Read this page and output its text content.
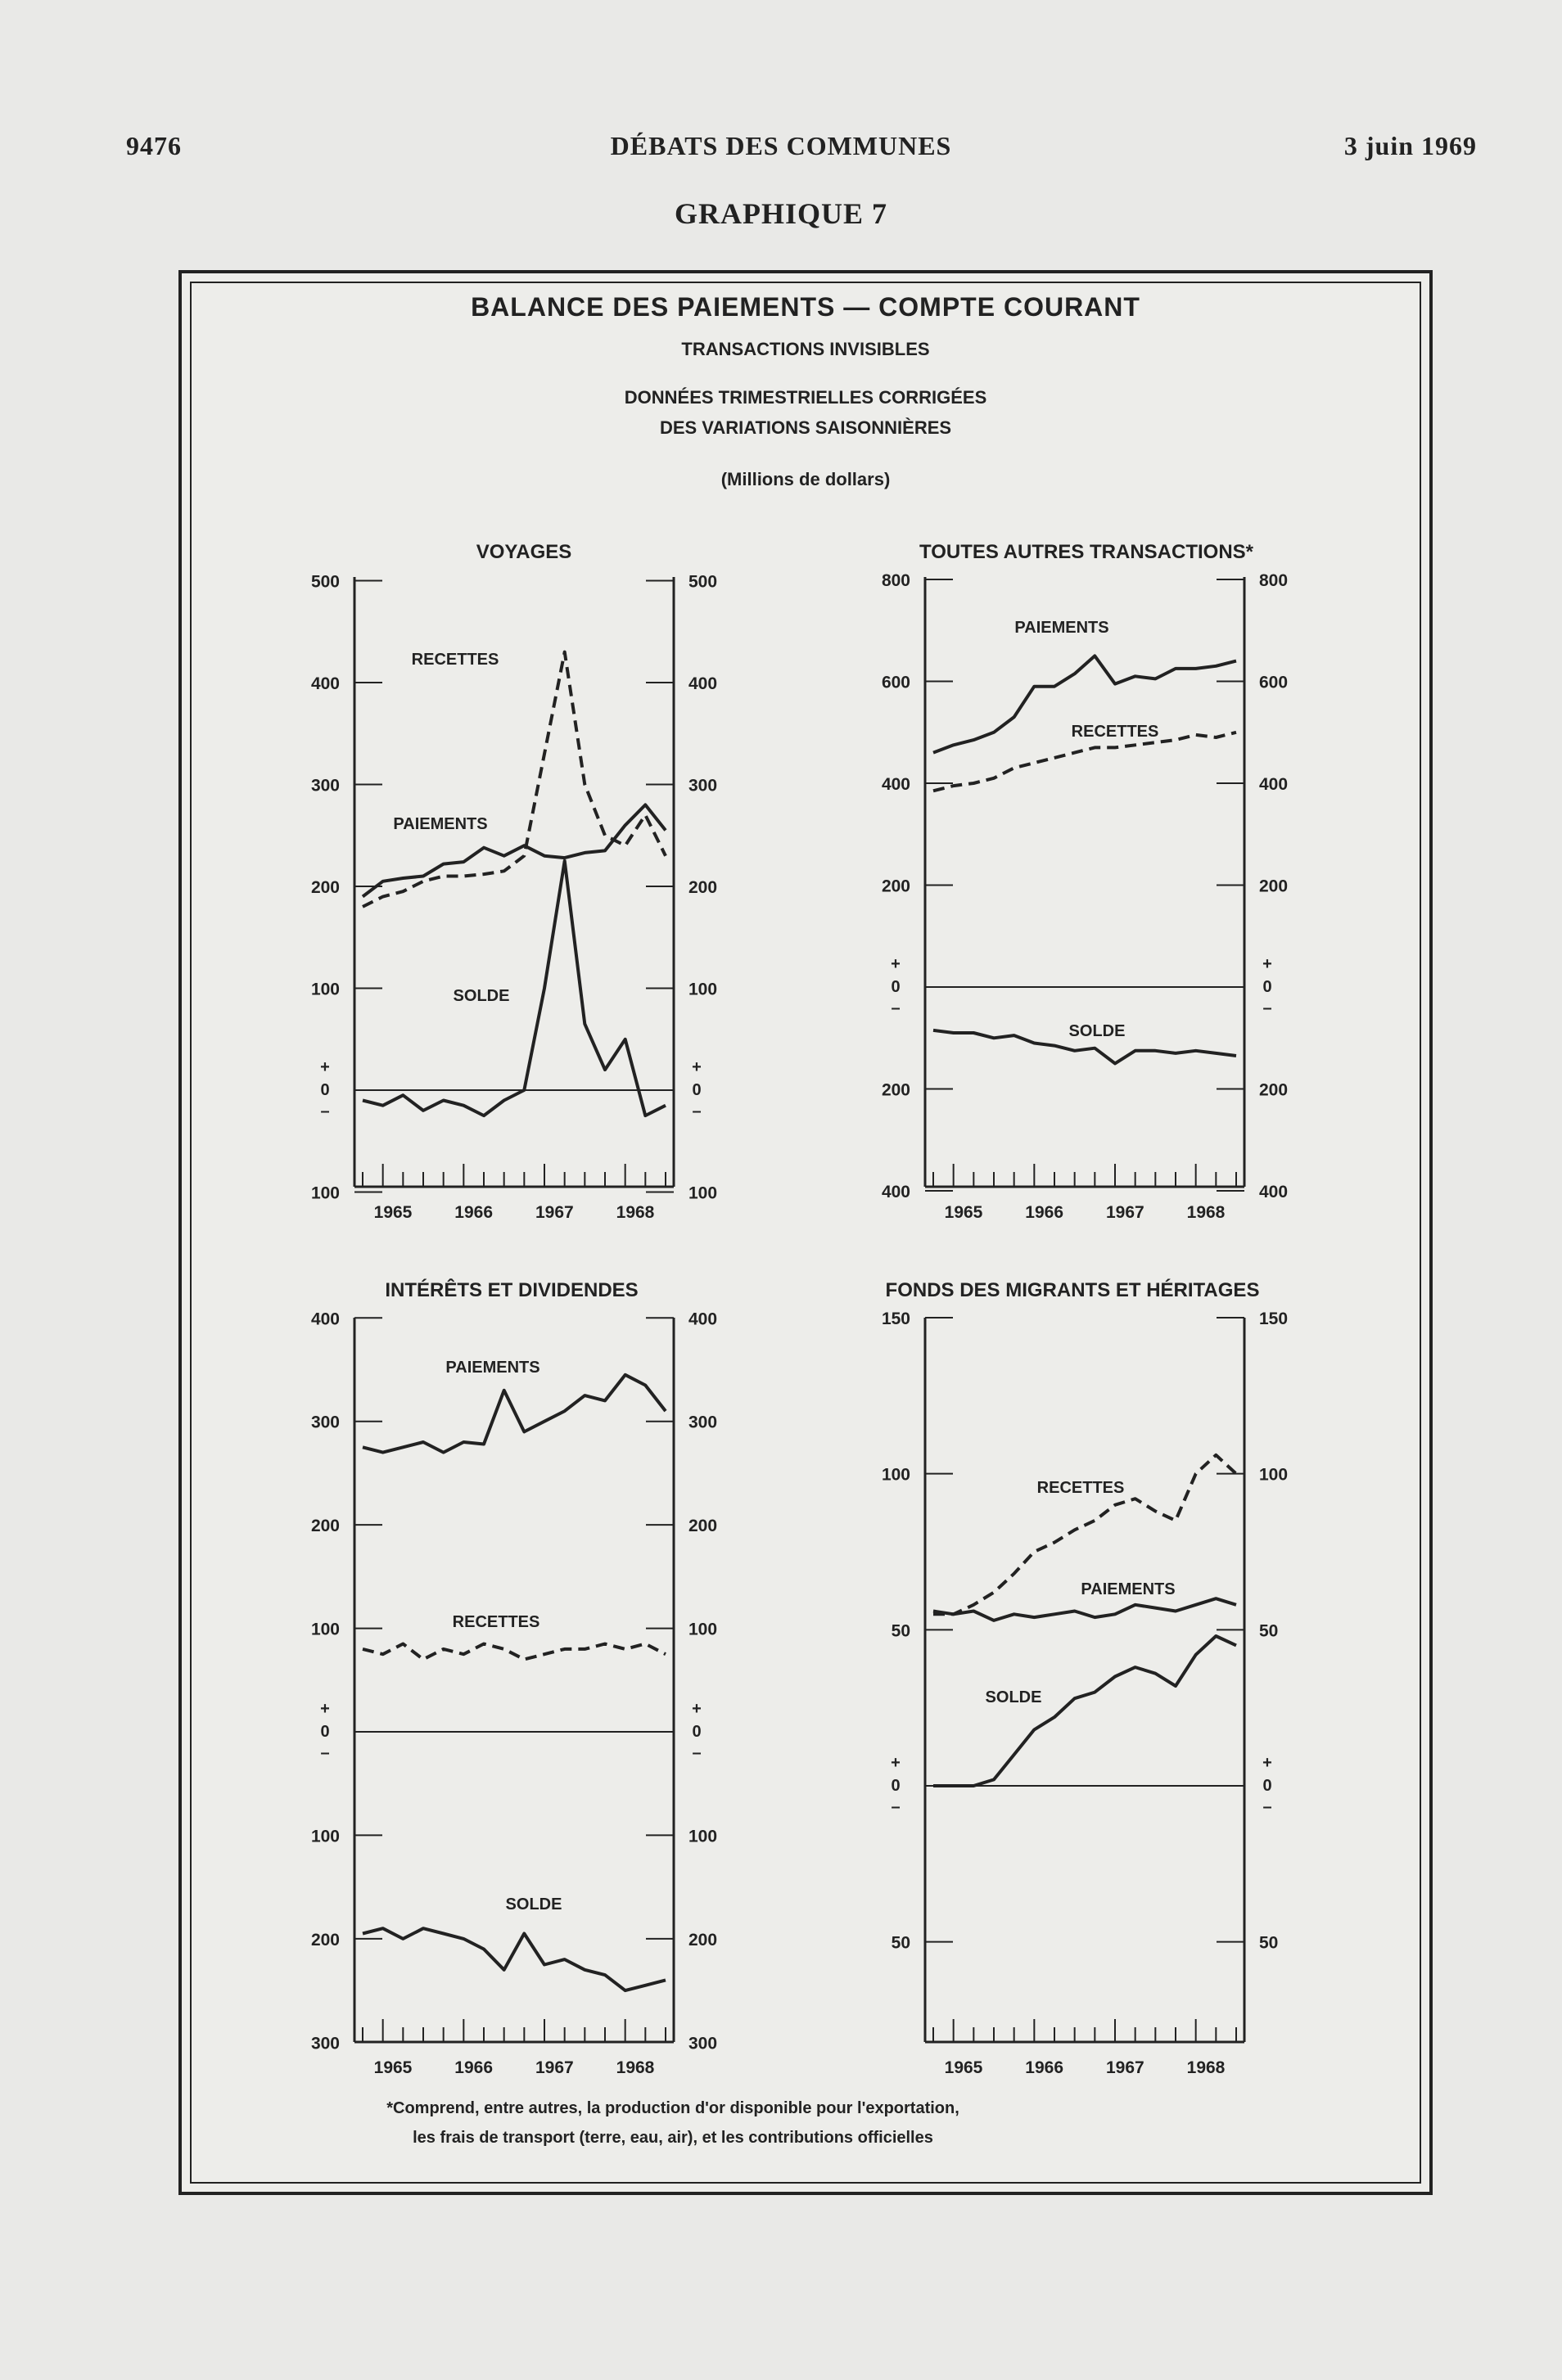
9476	DÉBATS DES COMMUNES	3 juin 1969
GRAPHIQUE 7
BALANCE DES PAIEMENTS — COMPTE COURANT
TRANSACTIONS INVISIBLES
DONNÉES TRIMESTRIELLES CORRIGÉES
DES VARIATIONS SAISONNIÈRES
(Millions de dollars)
*Comprend, entre autres, la production d'or disponible pour l'exportation,
les frais de transport (terre, eau, air), et les contributions officielles
VOYAGES
500	500
400	400
300	300
200	200
100	100
100	100
+
0
–
+
0
–
1965 1966 1967 1968
RECETTES
PAIEMENTS
SOLDE
TOUTES AUTRES TRANSACTIONS*
800	800
600	600
400	400
200	200
200	200
400	400
+
0
–
+
0
–
1965 1966 1967 1968
RECETTES
PAIEMENTS
SOLDE
INTÉRÊTS ET DIVIDENDES
400	400
300	300
200	200
100	100
100	100
200	200
300	300
+
0
–
+
0
–
1965 1966 1967 1968
RECETTES
PAIEMENTS
SOLDE
FONDS DES MIGRANTS ET HÉRITAGES
150	150
100	100
50	50
50	50
+
0
–
+
0
–
1965 1966 1967 1968
RECETTES
PAIEMENTS
SOLDE
